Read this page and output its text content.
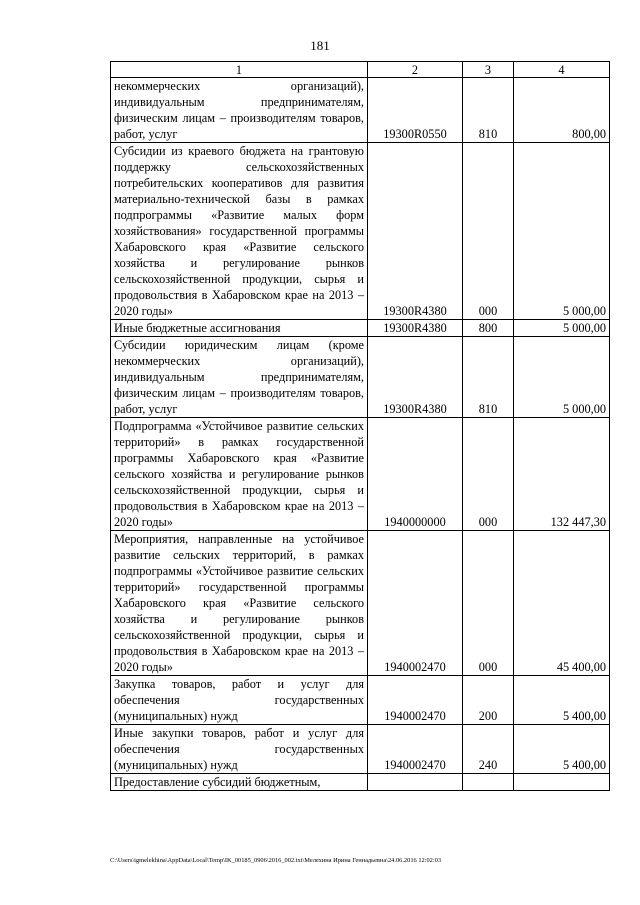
181
1	2	3	4
некоммерческих организаций), индивидуальным предпринимателям, физическим лицам – производителям товаров, работ, услуг	19300R0550	810	800,00
Субсидии из краевого бюджета на грантовую поддержку сельскохозяйственных потребительских кооперативов для развития материально-технической базы в рамках подпрограммы «Развитие малых форм хозяйствования» государственной программы Хабаровского края «Развитие сельского хозяйства и регулирование рынков сельскохозяйственной продукции, сырья и продовольствия в Хабаровском крае на 2013 – 2020 годы»	19300R4380	000	5 000,00
Иные бюджетные ассигнования	19300R4380	800	5 000,00
Субсидии юридическим лицам (кроме некоммерческих организаций), индивидуальным предпринимателям, физическим лицам – производителям товаров, работ, услуг	19300R4380	810	5 000,00
Подпрограмма «Устойчивое развитие сельских территорий» в рамках государственной программы Хабаровского края «Развитие сельского хозяйства и регулирование рынков сельскохозяйственной продукции, сырья и продовольствия в Хабаровском крае на 2013 – 2020 годы»	1940000000	000	132 447,30
Мероприятия, направленные на устойчивое развитие сельских территорий, в рамках подпрограммы «Устойчивое развитие сельских территорий» государственной программы Хабаровского края «Развитие сельского хозяйства и регулирование рынков сельскохозяйственной продукции, сырья и продовольствия в Хабаровском крае на 2013 – 2020 годы»	1940002470	000	45 400,00
Закупка товаров, работ и услуг для обеспечения государственных (муниципальных) нужд	1940002470	200	5 400,00
Иные закупки товаров, работ и услуг для обеспечения государственных (муниципальных) нужд	1940002470	240	5 400,00
Предоставление субсидий бюджетным,			
C:\Users\igmelekhina\AppData\Local\Temp\IK_00185_0906\2016_002.txt\Мелехина Ирина Геннадьевна\24.06.2016 12:02:03
